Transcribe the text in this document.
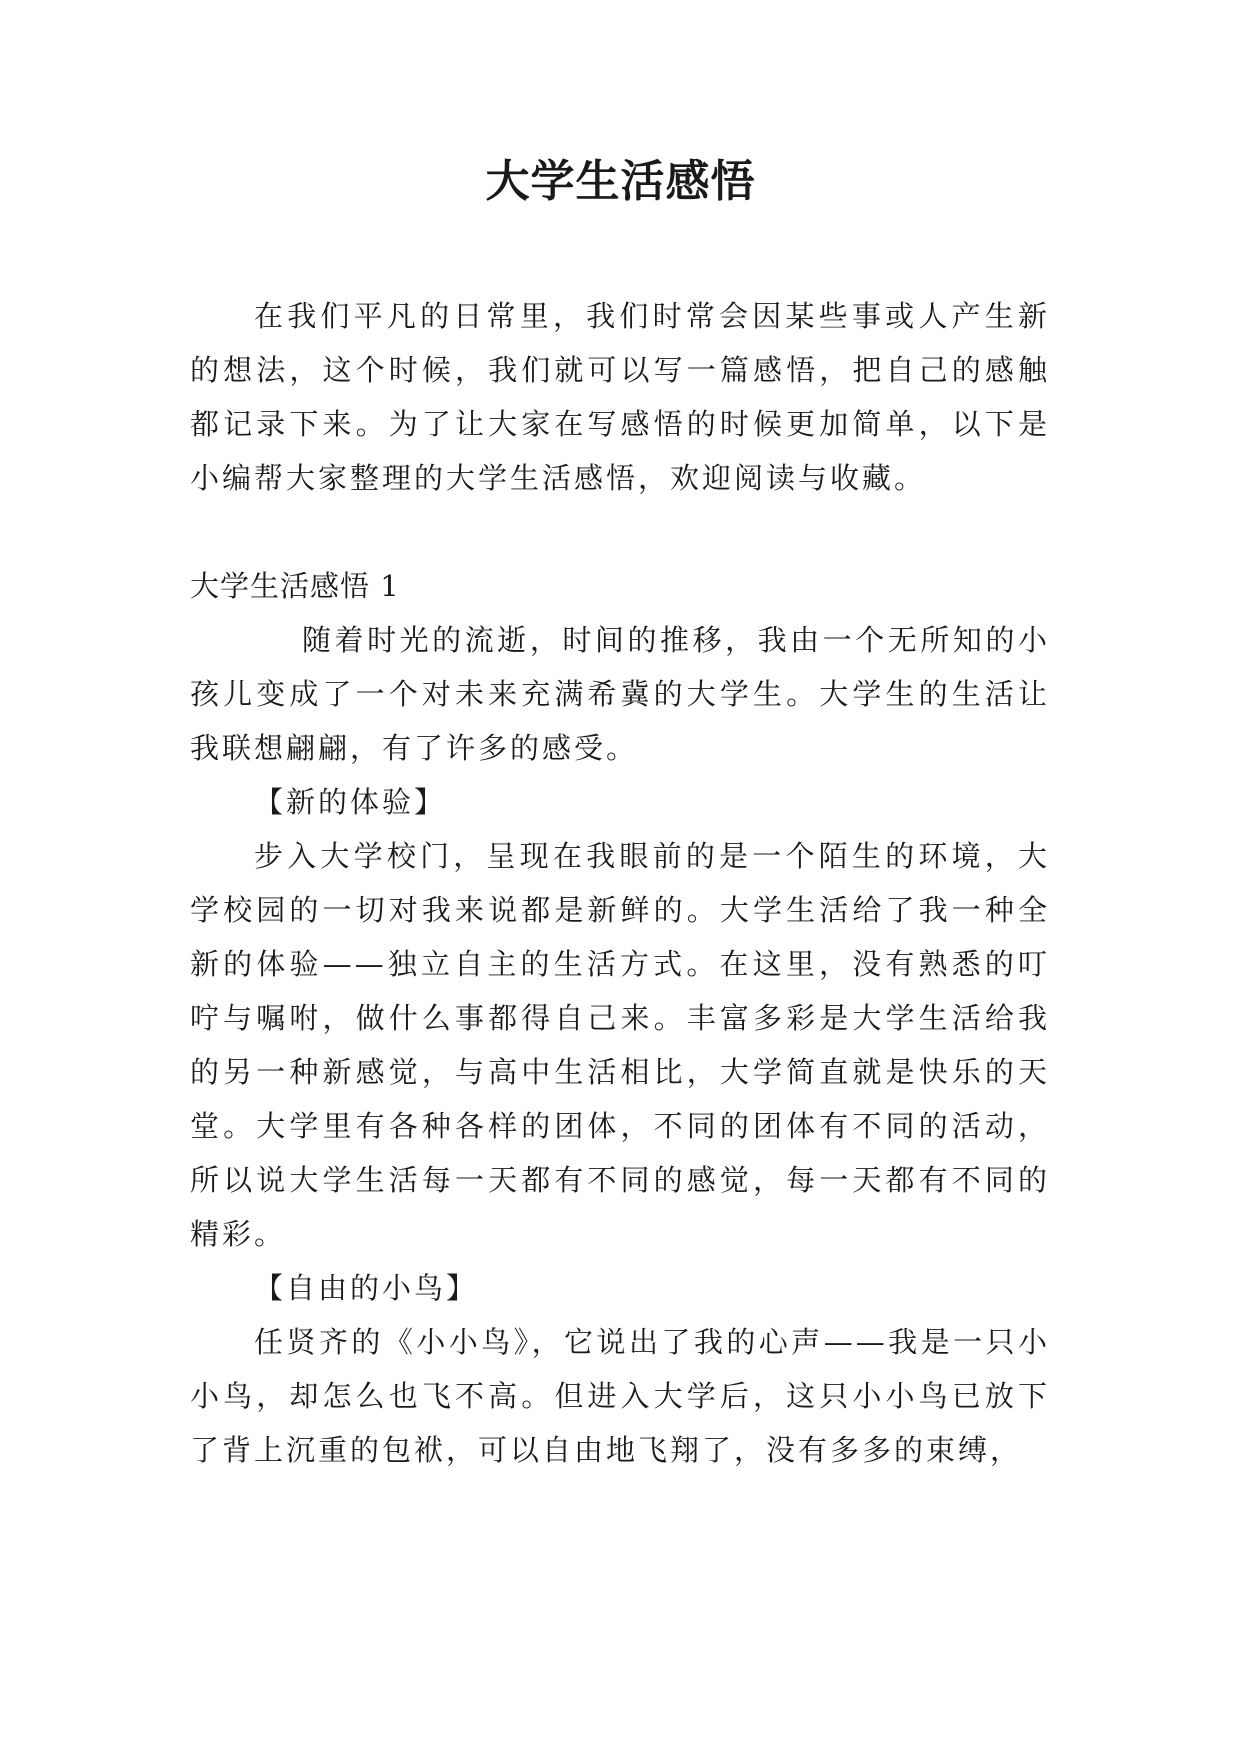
大学生活感悟

在我们平凡的日常里，我们时常会因某些事或人产生新的想法，这个时候，我们就可以写一篇感悟，把自己的感触都记录下来。为了让大家在写感悟的时候更加简单，以下是小编帮大家整理的大学生活感悟，欢迎阅读与收藏。

大学生活感悟 1

随着时光的流逝，时间的推移，我由一个无所知的小孩儿变成了一个对未来充满希冀的大学生。大学生的生活让我联想翩翩，有了许多的感受。

【新的体验】

步入大学校门，呈现在我眼前的是一个陌生的环境，大学校园的一切对我来说都是新鲜的。大学生活给了我一种全新的体验——独立自主的生活方式。在这里，没有熟悉的叮咛与嘱咐，做什么事都得自己来。丰富多彩是大学生活给我的另一种新感觉，与高中生活相比，大学简直就是快乐的天堂。大学里有各种各样的团体，不同的团体有不同的活动，所以说大学生活每一天都有不同的感觉，每一天都有不同的精彩。

【自由的小鸟】

任贤齐的《小小鸟》，它说出了我的心声——我是一只小小鸟，却怎么也飞不高。但进入大学后，这只小小鸟已放下了背上沉重的包袱，可以自由地飞翔了，没有多多的束缚，
